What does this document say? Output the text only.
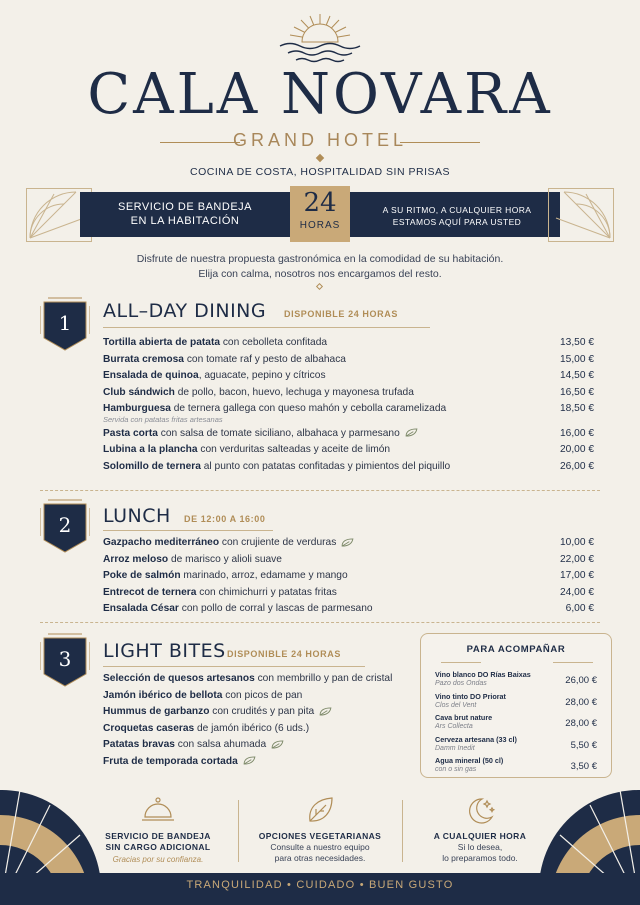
CALA NOVARA
GRAND HOTEL
COCINA DE COSTA, HOSPITALIDAD SIN PRISAS
SERVICIO DE BANDEJA
EN LA HABITACIÓN
24
HORAS
A SU RITMO, A CUALQUIER HORA
ESTAMOS AQUÍ PARA USTED
Disfrute de nuestra propuesta gastronómica en la comodidad de su habitación.
Elija con calma, nosotros nos encargamos del resto.
1 ALL–DAY DINING DISPONIBLE 24 HORAS
Tortilla abierta de patata con cebolleta confitada	13,50 €
Burrata cremosa con tomate raf y pesto de albahaca	15,00 €
Ensalada de quinoa, aguacate, pepino y cítricos	14,50 €
Club sándwich de pollo, bacon, huevo, lechuga y mayonesa trufada	16,50 €
Hamburguesa de ternera gallega con queso mahón y cebolla caramelizada	18,50 €
Servida con patatas fritas artesanas
Pasta corta con salsa de tomate siciliano, albahaca y parmesano	16,00 €
Lubina a la plancha con verduritas salteadas y aceite de limón	20,00 €
Solomillo de ternera al punto con patatas confitadas y pimientos del piquillo	26,00 €
2 LUNCH DE 12:00 A 16:00
Gazpacho mediterráneo con crujiente de verduras	10,00 €
Arroz meloso de marisco y alioli suave	22,00 €
Poke de salmón marinado, arroz, edamame y mango	17,00 €
Entrecot de ternera con chimichurri y patatas fritas	24,00 €
Ensalada César con pollo de corral y lascas de parmesano	6,00 €
3 LIGHT BITES DISPONIBLE 24 HORAS
Selección de quesos artesanos con membrillo y pan de cristal
Jamón ibérico de bellota con picos de pan
Hummus de garbanzo con crudités y pan pita
Croquetas caseras de jamón ibérico (6 uds.)
Patatas bravas con salsa ahumada
Fruta de temporada cortada
PARA ACOMPAÑAR
Vino blanco DO Rías Baixas
Pazo dos Ondas	26,00 €
Vino tinto DO Priorat
Clos del Vent	28,00 €
Cava brut nature
Ars Collecta	28,00 €
Cerveza artesana (33 cl)
Damm Inedit	5,50 €
Agua mineral (50 cl)
con o sin gas	3,50 €
SERVICIO DE BANDEJA
SIN CARGO ADICIONAL
Gracias por su confianza.
OPCIONES VEGETARIANAS
Consulte a nuestro equipo
para otras necesidades.
A CUALQUIER HORA
Si lo desea,
lo preparamos todo.
TRANQUILIDAD • CUIDADO • BUEN GUSTO
